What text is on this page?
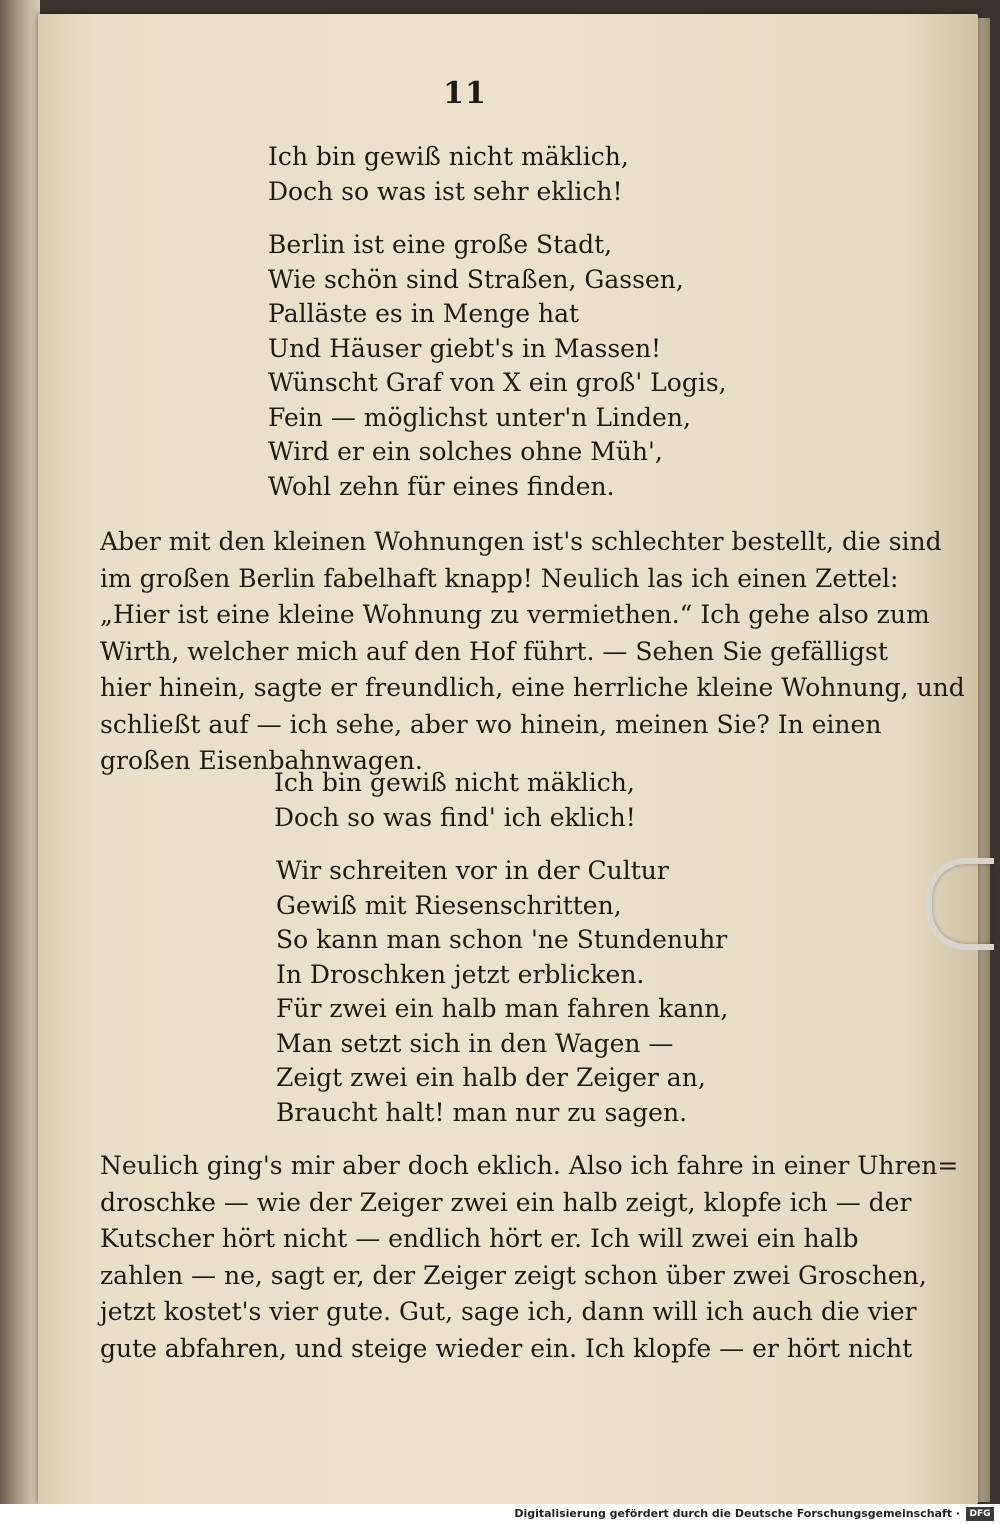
11
Ich bin gewiß nicht mäklich,
Doch so was ist sehr eklich!
Berlin ist eine große Stadt,
Wie schön sind Straßen, Gassen,
Palläste es in Menge hat
Und Häuser giebt's in Massen!
Wünscht Graf von X ein groß' Logis,
Fein — möglichst unter'n Linden,
Wird er ein solches ohne Müh',
Wohl zehn für eines finden.
Aber mit den kleinen Wohnungen ist's schlechter bestellt, die sind
im großen Berlin fabelhaft knapp! Neulich las ich einen Zettel:
„Hier ist eine kleine Wohnung zu vermiethen.“ Ich gehe also zum
Wirth, welcher mich auf den Hof führt. — Sehen Sie gefälligst
hier hinein, sagte er freundlich, eine herrliche kleine Wohnung, und
schließt auf — ich sehe, aber wo hinein, meinen Sie? In einen
großen Eisenbahnwagen.
Ich bin gewiß nicht mäklich,
Doch so was find' ich eklich!
Wir schreiten vor in der Cultur
Gewiß mit Riesenschritten,
So kann man schon 'ne Stundenuhr
In Droschken jetzt erblicken.
Für zwei ein halb man fahren kann,
Man setzt sich in den Wagen —
Zeigt zwei ein halb der Zeiger an,
Braucht halt! man nur zu sagen.
Neulich ging's mir aber doch eklich. Also ich fahre in einer Uhren=
droschke — wie der Zeiger zwei ein halb zeigt, klopfe ich — der
Kutscher hört nicht — endlich hört er. Ich will zwei ein halb
zahlen — ne, sagt er, der Zeiger zeigt schon über zwei Groschen,
jetzt kostet's vier gute. Gut, sage ich, dann will ich auch die vier
gute abfahren, und steige wieder ein. Ich klopfe — er hört nicht
Digitalisierung gefördert durch die Deutsche Forschungsgemeinschaft ·	DFG
